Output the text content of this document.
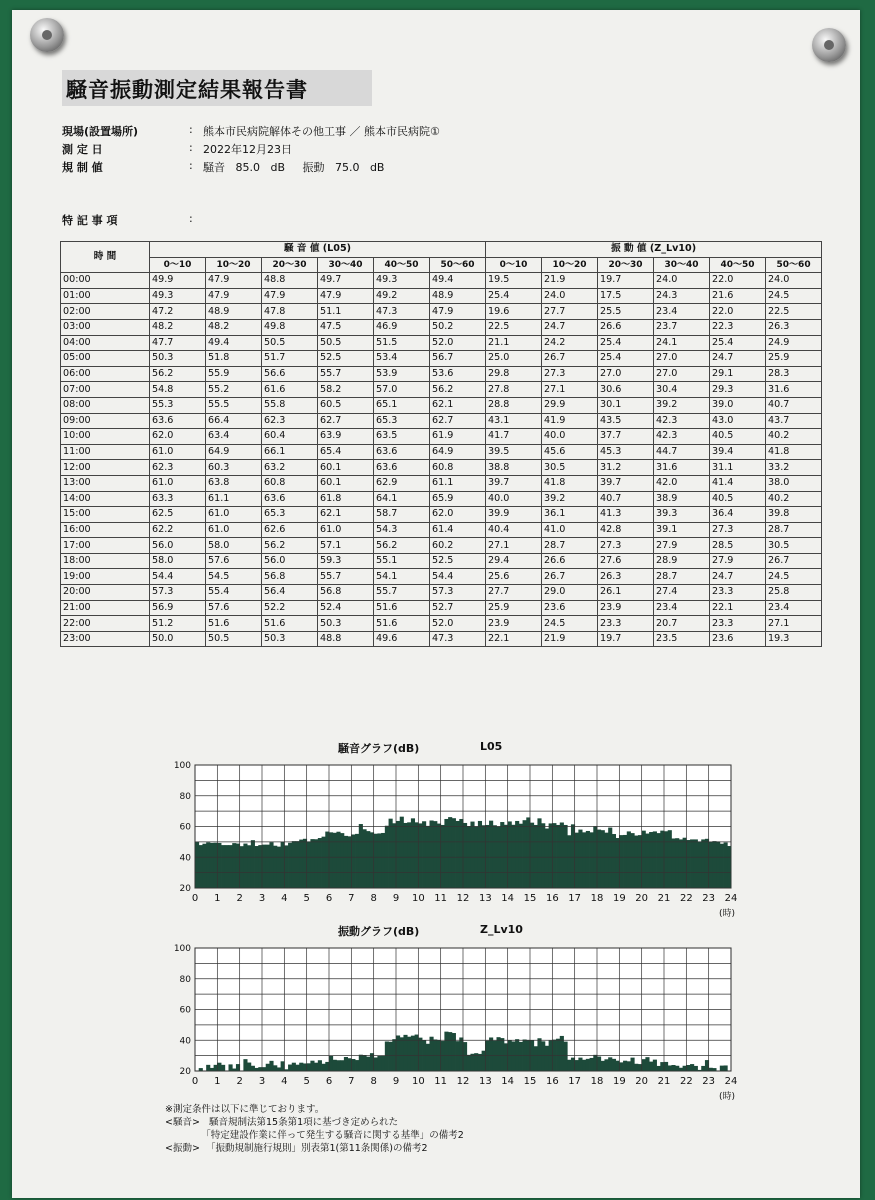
騒音振動測定結果報告書
現場(設置場所)	: 熊本市民病院解体その他工事 ／ 熊本市民病院①
測 定 日	: 2022年12月23日
規 制 値	: 騒音   85.0   dB     振動   75.0   dB
特 記 事 項	:
時 間	騒 音 値 (L05)						振 動 値 (Z_Lv10)					
	0～10	10～20	20～30	30～40	40～50	50～60	0～10	10～20	20～30	30～40	40～50	50～60
00:00	49.9	47.9	48.8	49.7	49.3	49.4	19.5	21.9	19.7	24.0	22.0	24.0
01:00	49.3	47.9	47.9	47.9	49.2	48.9	25.4	24.0	17.5	24.3	21.6	24.5
02:00	47.2	48.9	47.8	51.1	47.3	47.9	19.6	27.7	25.5	23.4	22.0	22.5
03:00	48.2	48.2	49.8	47.5	46.9	50.2	22.5	24.7	26.6	23.7	22.3	26.3
04:00	47.7	49.4	50.5	50.5	51.5	52.0	21.1	24.2	25.4	24.1	25.4	24.9
05:00	50.3	51.8	51.7	52.5	53.4	56.7	25.0	26.7	25.4	27.0	24.7	25.9
06:00	56.2	55.9	56.6	55.7	53.9	53.6	29.8	27.3	27.0	27.0	29.1	28.3
07:00	54.8	55.2	61.6	58.2	57.0	56.2	27.8	27.1	30.6	30.4	29.3	31.6
08:00	55.3	55.5	55.8	60.5	65.1	62.1	28.8	29.9	30.1	39.2	39.0	40.7
09:00	63.6	66.4	62.3	62.7	65.3	62.7	43.1	41.9	43.5	42.3	43.0	43.7
10:00	62.0	63.4	60.4	63.9	63.5	61.9	41.7	40.0	37.7	42.3	40.5	40.2
11:00	61.0	64.9	66.1	65.4	63.6	64.9	39.5	45.6	45.3	44.7	39.4	41.8
12:00	62.3	60.3	63.2	60.1	63.6	60.8	38.8	30.5	31.2	31.6	31.1	33.2
13:00	61.0	63.8	60.8	60.1	62.9	61.1	39.7	41.8	39.7	42.0	41.4	38.0
14:00	63.3	61.1	63.6	61.8	64.1	65.9	40.0	39.2	40.7	38.9	40.5	40.2
15:00	62.5	61.0	65.3	62.1	58.7	62.0	39.9	36.1	41.3	39.3	36.4	39.8
16:00	62.2	61.0	62.6	61.0	54.3	61.4	40.4	41.0	42.8	39.1	27.3	28.7
17:00	56.0	58.0	56.2	57.1	56.2	60.2	27.1	28.7	27.3	27.9	28.5	30.5
18:00	58.0	57.6	56.0	59.3	55.1	52.5	29.4	26.6	27.6	28.9	27.9	26.7
19:00	54.4	54.5	56.8	55.7	54.1	54.4	25.6	26.7	26.3	28.7	24.7	24.5
20:00	57.3	55.4	56.4	56.8	55.7	57.3	27.7	29.0	26.1	27.4	23.3	25.8
21:00	56.9	57.6	52.2	52.4	51.6	52.7	25.9	23.6	23.9	23.4	22.1	23.4
22:00	51.2	51.6	51.6	50.3	51.6	52.0	23.9	24.5	23.3	20.7	23.3	27.1
23:00	50.0	50.5	50.3	48.8	49.6	47.3	22.1	21.9	19.7	23.5	23.6	19.3
騒音グラフ(dB)	L05
20
40
60
80
100
0 1 2 3 4 5 6 7 8 9 10 11 12 13 14 15 16 17 18 19 20 21 22 23 24
(時)
振動グラフ(dB)	Z_Lv10
20
40
60
80
100
0 1 2 3 4 5 6 7 8 9 10 11 12 13 14 15 16 17 18 19 20 21 22 23 24
(時)
※測定条件は以下に準じております。
<騒音>   騒音規制法第15条第1項に基づき定められた
「特定建設作業に伴って発生する騒音に関する基準」の備考2
<振動>  「振動規制施行規則」別表第1(第11条関係)の備考2
